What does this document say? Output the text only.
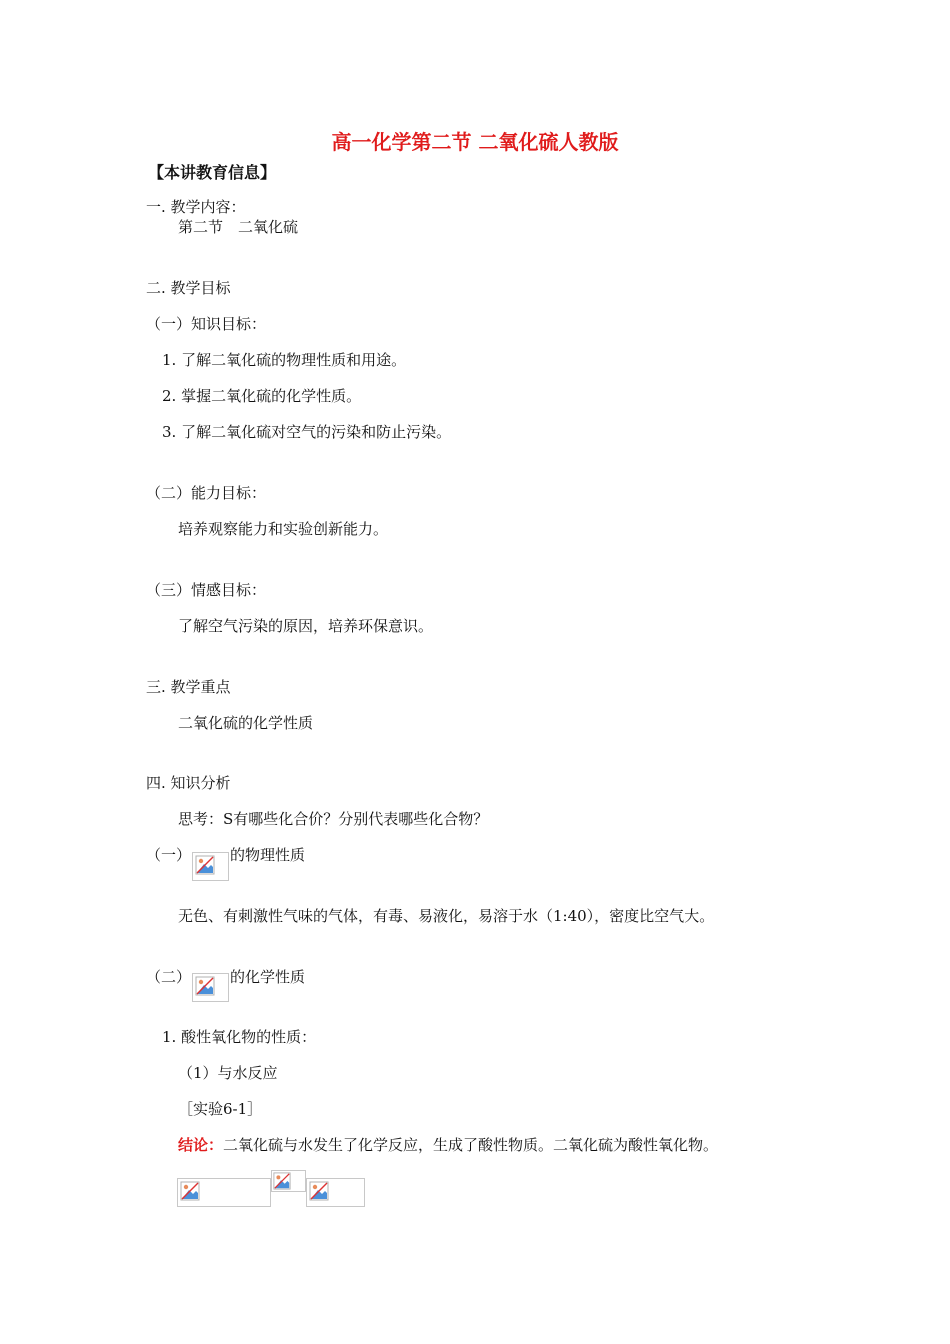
高一化学第二节 二氧化硫人教版
【本讲教育信息】
一. 教学内容：
第二节　二氧化硫
二. 教学目标
（一）知识目标：
1. 了解二氧化硫的物理性质和用途。
2. 掌握二氧化硫的化学性质。
3. 了解二氧化硫对空气的污染和防止污染。
（二）能力目标：
培养观察能力和实验创新能力。
（三）情感目标：
了解空气污染的原因，培养环保意识。
三. 教学重点
二氧化硫的化学性质
四. 知识分析
思考：S有哪些化合价？分别代表哪些化合物？
（一）	的物理性质
无色、有刺激性气味的气体，有毒、易液化，易溶于水（1:40），密度比空气大。
（二）	的化学性质
1. 酸性氧化物的性质：
（1）与水反应
［实验6-1］
结论：二氧化硫与水发生了化学反应，生成了酸性物质。二氧化硫为酸性氧化物。
